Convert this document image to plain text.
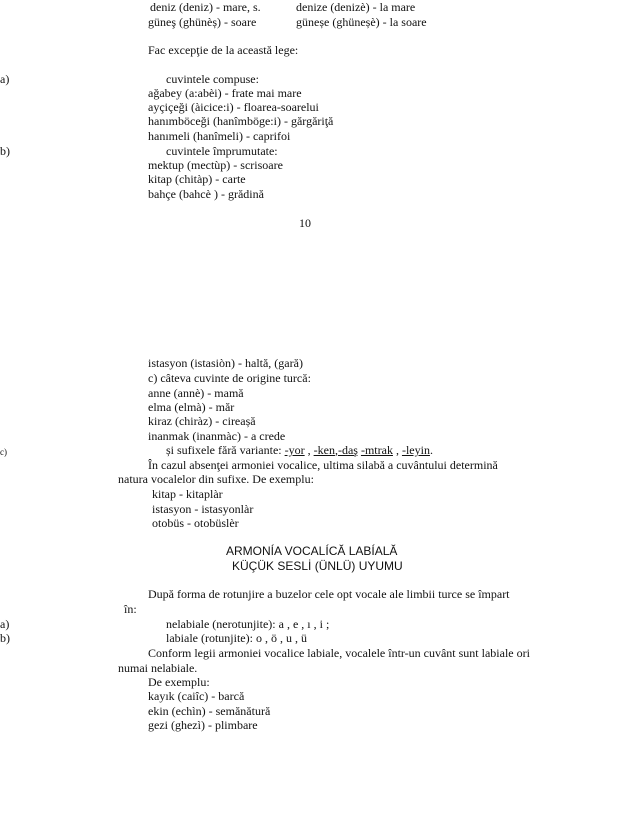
deniz (deniz) - mare, s.	denize (denizè) - la mare
güneş (ghünèș) - soare	güneșe (ghüneșè) - la soare
Fac excepţie de la această lege:
a)	cuvintele compuse:
ağabey (a:abèi) - frate mai mare
ayçiçeği (àicice:i) - floarea-soarelui
hanımböceği (hanîmböge:i) - gărgăriţă
hanımeli (hanîmeli) - caprifoi
b)	cuvintele împrumutate:
mektup (mectùp) - scrisoare
kitap (chitàp) - carte
bahçe (bahcè ) - grădină
10
istasyon (istasiòn) - haltă, (gară)
c) câteva cuvinte de origine turcă:
anne (annè) - mamă
elma (elmà) - măr
kiraz (chiràz) - cireașă
inanmak (inanmàc) - a crede
c)	și sufixele fără variante: -yor , -ken,-daş -mtrak , -leyin.
În cazul absenţei armoniei vocalice, ultima silabă a cuvântului determină
natura vocalelor din sufixe. De exemplu:
kitap - kitaplàr
istasyon - istasyonlàr
otobüs - otobüslèr
ARMONÍA VOCALÍCĂ LABÍALĂ
KÜÇÜK SESLİ (ÜNLÜ) UYUMU
După forma de rotunjire a buzelor cele opt vocale ale limbii turce se împart
în:
a)	nelabiale (nerotunjite): a , e , ı , i ;
b)	labiale (rotunjite): o , ö , u , ü
Conform legii armoniei vocalice labiale, vocalele într-un cuvânt sunt labiale ori
numai nelabiale.
De exemplu:
kayık (caiîc) - barcă
ekin (echìn) - semănătură
gezi (ghezì) - plimbare
